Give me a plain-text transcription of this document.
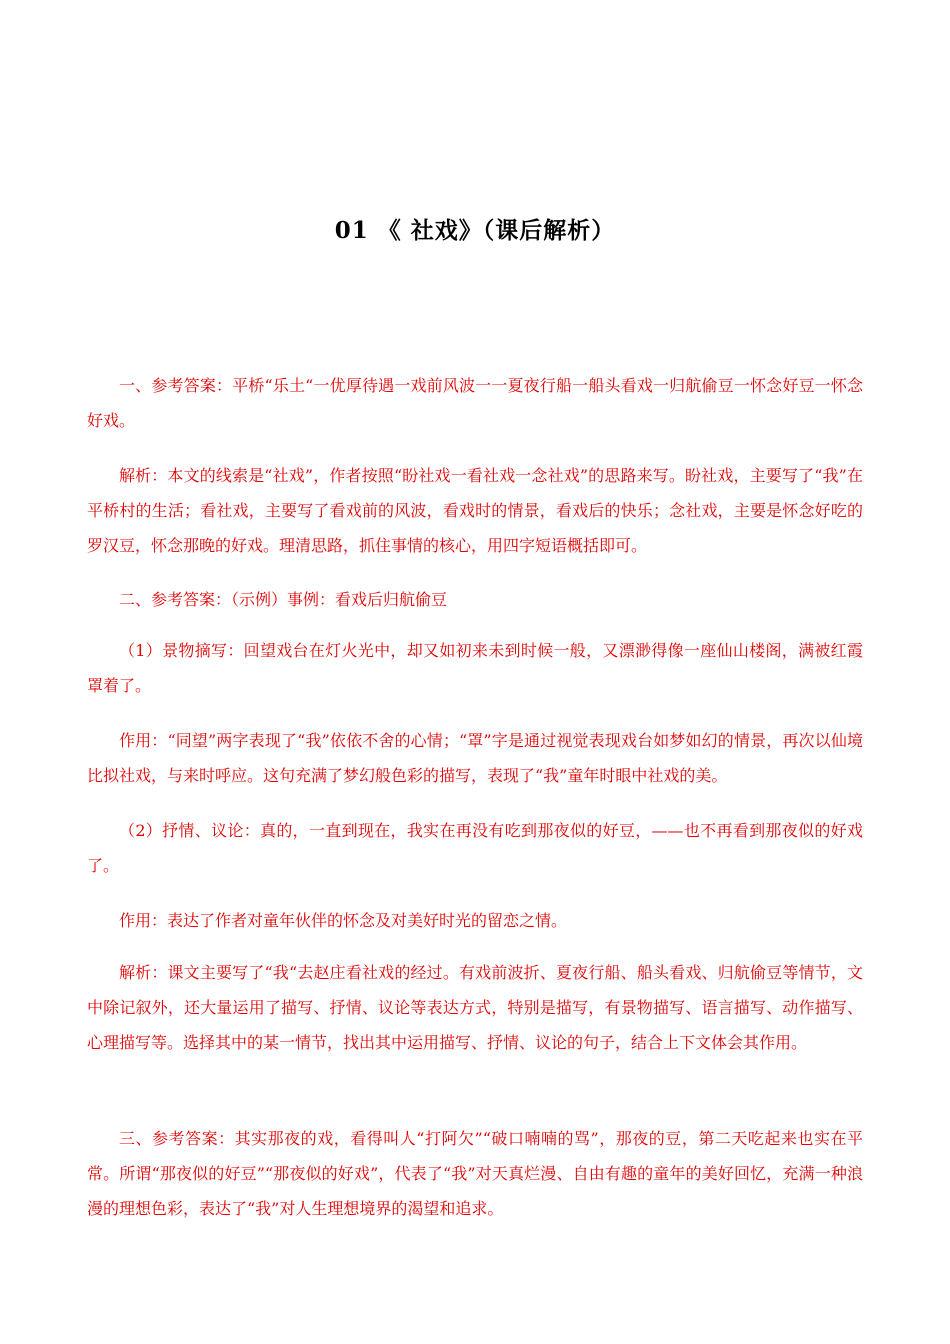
01 《 社戏》（课后解析）

一、参考答案：平桥“乐土“一优厚待遇一戏前风波一一夏夜行船一船头看戏一归航偷豆一怀念好豆一怀念好戏。

解析：本文的线索是“社戏”，作者按照“盼社戏一看社戏一念社戏”的思路来写。盼社戏，主要写了“我”在平桥村的生活；看社戏，主要写了看戏前的风波，看戏时的情景，看戏后的快乐；念社戏，主要是怀念好吃的罗汉豆，怀念那晚的好戏。理清思路，抓住事情的核心，用四字短语概括即可。

二、参考答案：（示例）事例：看戏后归航偷豆

（1）景物摘写：回望戏台在灯火光中，却又如初来未到时候一般，又漂渺得像一座仙山楼阁，满被红霞罩着了。

作用：“同望”两字表现了“我”依依不舍的心情；“罩”字是通过视觉表现戏台如梦如幻的情景，再次以仙境比拟社戏，与来时呼应。这句充满了梦幻般色彩的描写，表现了“我”童年时眼中社戏的美。

（2）抒情、议论：真的，一直到现在，我实在再没有吃到那夜似的好豆，——也不再看到那夜似的好戏了。

作用：表达了作者对童年伙伴的怀念及对美好时光的留恋之情。

解析：课文主要写了“我“去赵庄看社戏的经过。有戏前波折、夏夜行船、船头看戏、归航偷豆等情节，文中除记叙外，还大量运用了描写、抒情、议论等表达方式，特别是描写，有景物描写、语言描写、动作描写、心理描写等。选择其中的某一情节，找出其中运用描写、抒情、议论的句子，结合上下文体会其作用。

三、参考答案：其实那夜的戏，看得叫人“打阿欠”“破口喃喃的骂”，那夜的豆，第二天吃起来也实在平常。所谓“那夜似的好豆”“那夜似的好戏”，代表了“我”对天真烂漫、自由有趣的童年的美好回忆，充满一种浪漫的理想色彩，表达了“我”对人生理想境界的渴望和追求。
